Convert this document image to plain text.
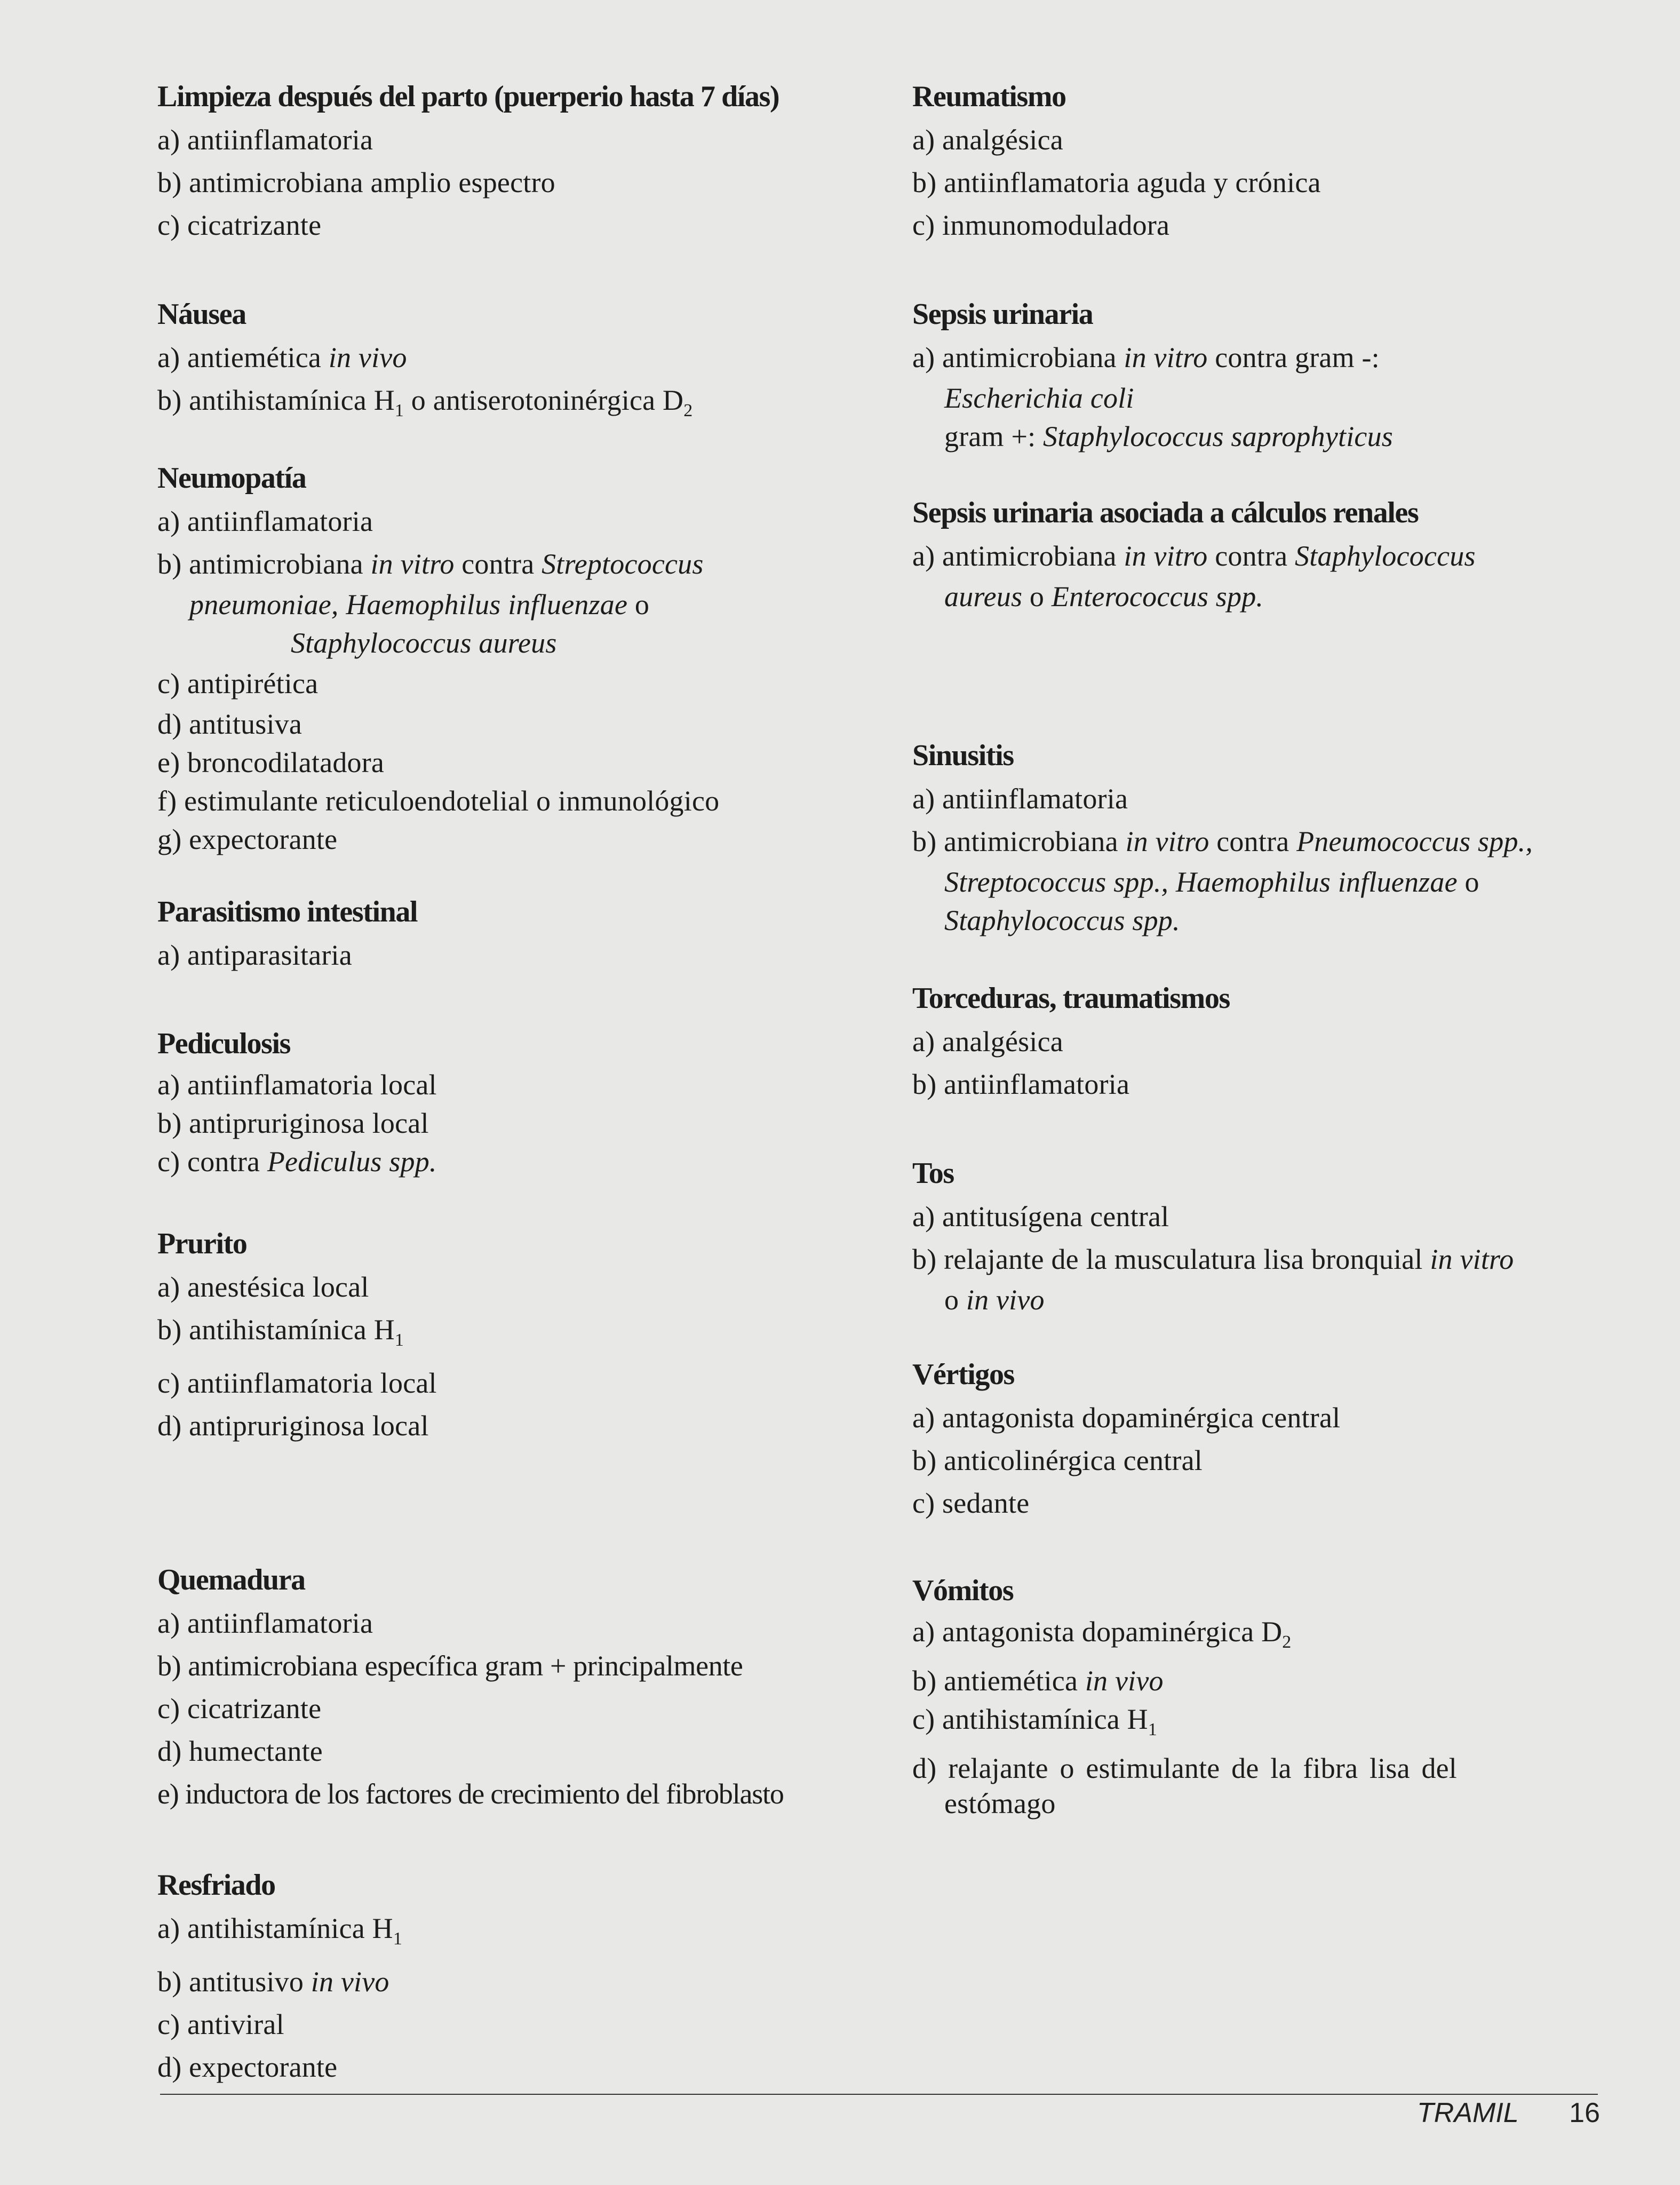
Limpieza después del parto (puerperio hasta 7 días)
a) antiinflamatoria
b) antimicrobiana amplio espectro
c) cicatrizante
Náusea
a) antiemética in vivo
b) antihistamínica $H_1$ o antiserotoninérgica $D_2$
Neumopatía
a) antiinflamatoria
b) antimicrobiana in vitro contra Streptococcus
pneumoniae, Haemophilus influenzae o
Staphylococcus aureus
c) antipirética
d) antitusiva
e) broncodilatadora
f) estimulante reticuloendotelial o inmunológico
g) expectorante
Parasitismo intestinal
a) antiparasitaria
Pediculosis
a) antiinflamatoria local
b) antipruriginosa local
c) contra Pediculus spp.
Prurito
a) anestésica local
b) antihistamínica $H_1$
c) antiinflamatoria local
d) antipruriginosa local
Quemadura
a) antiinflamatoria
b) antimicrobiana específica gram + principalmente
c) cicatrizante
d) humectante
e) inductora de los factores de crecimiento del fibroblasto
Resfriado
a) antihistamínica $H_1$
b) antitusivo in vivo
c) antiviral
d) expectorante
Reumatismo
a) analgésica
b) antiinflamatoria aguda y crónica
c) inmunomoduladora
Sepsis urinaria
a) antimicrobiana in vitro contra gram -:
Escherichia coli
gram +: Staphylococcus saprophyticus
Sepsis urinaria asociada a cálculos renales
a) antimicrobiana in vitro contra Staphylococcus
aureus o Enterococcus spp.
Sinusitis
a) antiinflamatoria
b) antimicrobiana in vitro contra Pneumococcus spp.,
Streptococcus spp., Haemophilus influenzae o
Staphylococcus spp.
Torceduras, traumatismos
a) analgésica
b) antiinflamatoria
Tos
a) antitusígena central
b) relajante de la musculatura lisa bronquial in vitro
o in vivo
Vértigos
a) antagonista dopaminérgica central
b) anticolinérgica central
c) sedante
Vómitos
a) antagonista dopaminérgica $D_2$
b) antiemética in vivo
c) antihistamínica $H_1$
d) relajante o estimulante de la fibra lisa del
estómago
TRAMIL 16
